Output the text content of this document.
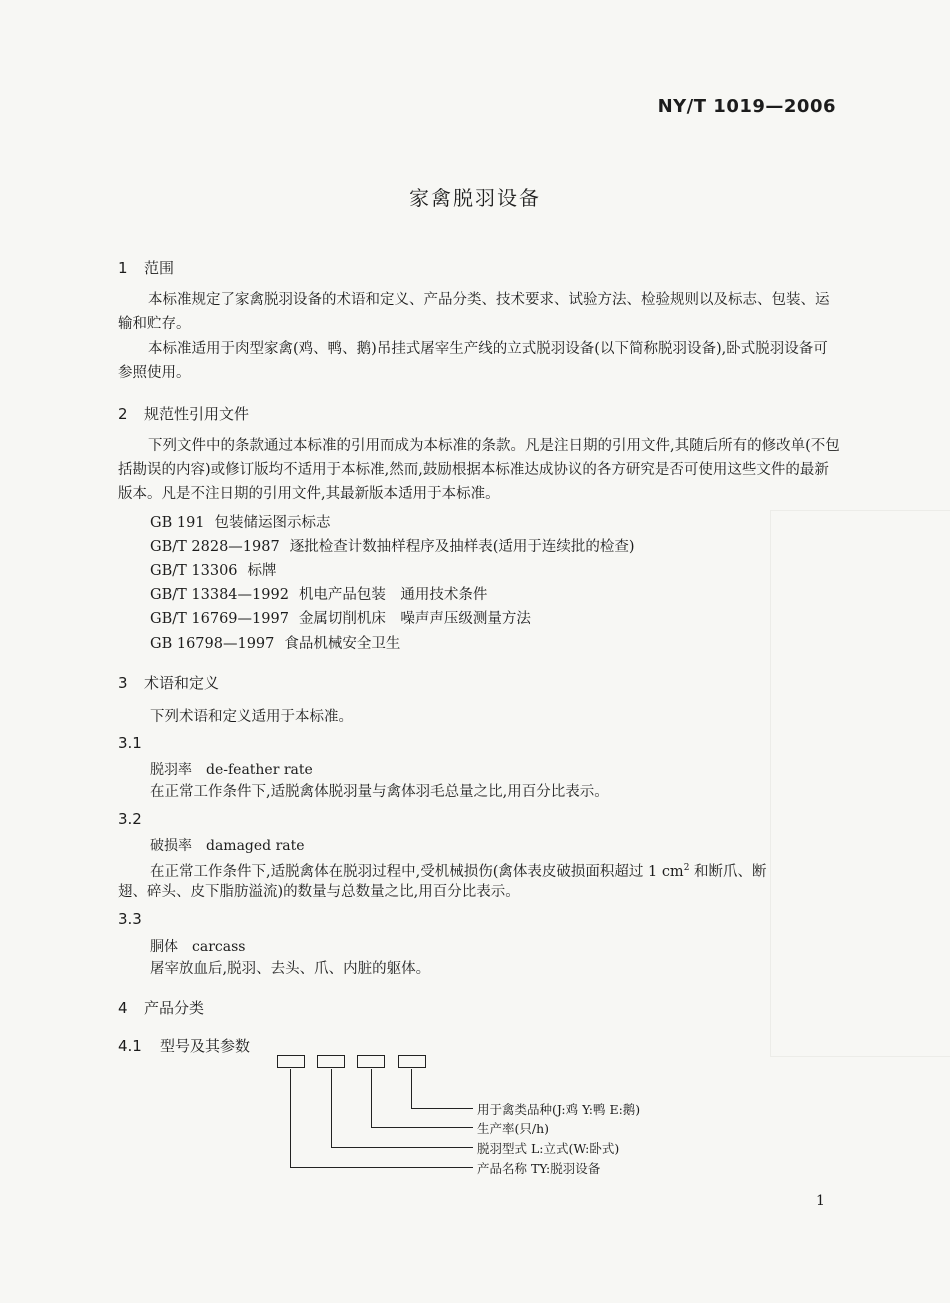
NY/T 1019—2006
家禽脱羽设备
1 范围
本标准规定了家禽脱羽设备的术语和定义、产品分类、技术要求、试验方法、检验规则以及标志、包装、运输和贮存。
本标准适用于肉型家禽(鸡、鸭、鹅)吊挂式屠宰生产线的立式脱羽设备(以下简称脱羽设备),卧式脱羽设备可参照使用。
2 规范性引用文件
下列文件中的条款通过本标准的引用而成为本标准的条款。凡是注日期的引用文件,其随后所有的修改单(不包括勘误的内容)或修订版均不适用于本标准,然而,鼓励根据本标准达成协议的各方研究是否可使用这些文件的最新版本。凡是不注日期的引用文件,其最新版本适用于本标准。
GB 191 包装储运图示标志
GB/T 2828—1987 逐批检查计数抽样程序及抽样表(适用于连续批的检查)
GB/T 13306 标牌
GB/T 13384—1992 机电产品包装　通用技术条件
GB/T 16769—1997 金属切削机床　噪声声压级测量方法
GB 16798—1997 食品机械安全卫生
3 术语和定义
下列术语和定义适用于本标准。
3.1
脱羽率 de-feather rate
在正常工作条件下,适脱禽体脱羽量与禽体羽毛总量之比,用百分比表示。
3.2
破损率 damaged rate
在正常工作条件下,适脱禽体在脱羽过程中,受机械损伤(禽体表皮破损面积超过 1 $cm^2$ 和断爪、断
翅、碎头、皮下脂肪溢流)的数量与总数量之比,用百分比表示。
3.3
胴体 carcass
屠宰放血后,脱羽、去头、爪、内脏的躯体。
4 产品分类
4.1 型号及其参数
用于禽类品种(J:鸡 Y:鸭 E:鹅)
生产率(只/h)
脱羽型式 L:立式(W:卧式)
产品名称 TY:脱羽设备
1
